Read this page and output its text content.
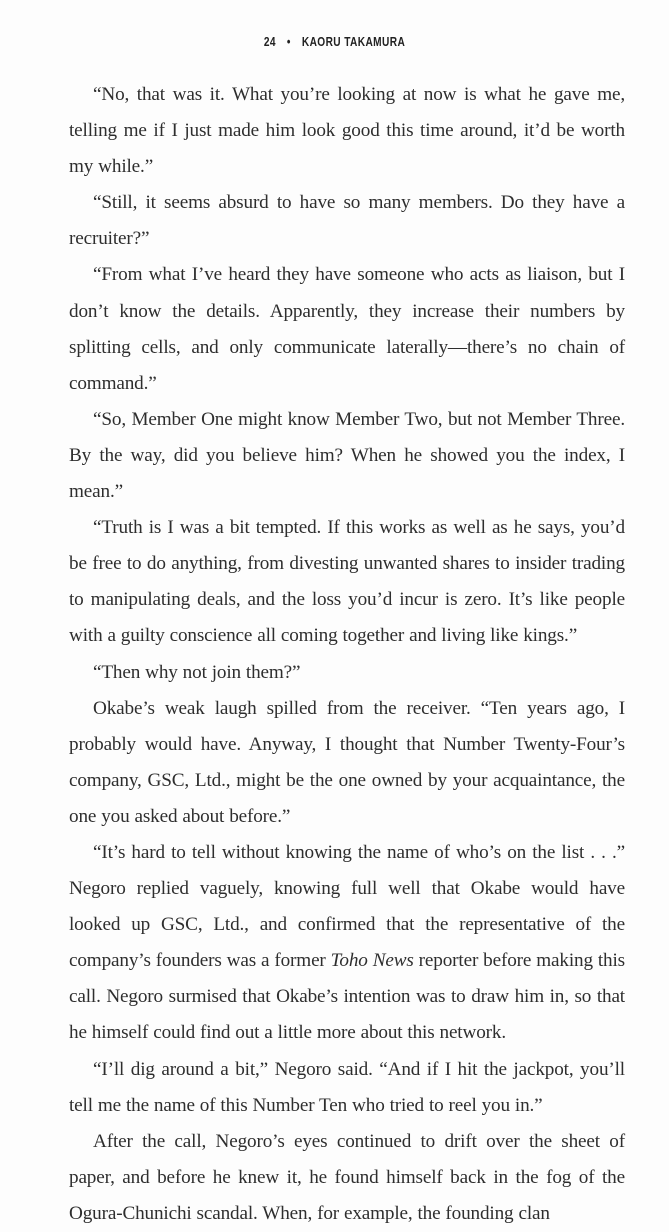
24 • KAORU TAKAMURA

“No, that was it. What you’re looking at now is what he gave me, telling me if I just made him look good this time around, it’d be worth my while.”

“Still, it seems absurd to have so many members. Do they have a recruiter?”

“From what I’ve heard they have someone who acts as liaison, but I don’t know the details. Apparently, they increase their numbers by splitting cells, and only communicate laterally—there’s no chain of command.”

“So, Member One might know Member Two, but not Member Three. By the way, did you believe him? When he showed you the index, I mean.”

“Truth is I was a bit tempted. If this works as well as he says, you’d be free to do anything, from divesting unwanted shares to insider trading to manipulating deals, and the loss you’d incur is zero. It’s like people with a guilty conscience all coming together and living like kings.”

“Then why not join them?”

Okabe’s weak laugh spilled from the receiver. “Ten years ago, I probably would have. Anyway, I thought that Number Twenty-Four’s company, GSC, Ltd., might be the one owned by your acquaintance, the one you asked about before.”

“It’s hard to tell without knowing the name of who’s on the list . . .” Negoro replied vaguely, knowing full well that Okabe would have looked up GSC, Ltd., and confirmed that the representative of the company’s founders was a former Toho News reporter before making this call. Negoro surmised that Okabe’s intention was to draw him in, so that he himself could find out a little more about this network.

“I’ll dig around a bit,” Negoro said. “And if I hit the jackpot, you’ll tell me the name of this Number Ten who tried to reel you in.”

After the call, Negoro’s eyes continued to drift over the sheet of paper, and before he knew it, he found himself back in the fog of the Ogura-Chunichi scandal. When, for example, the founding clan
